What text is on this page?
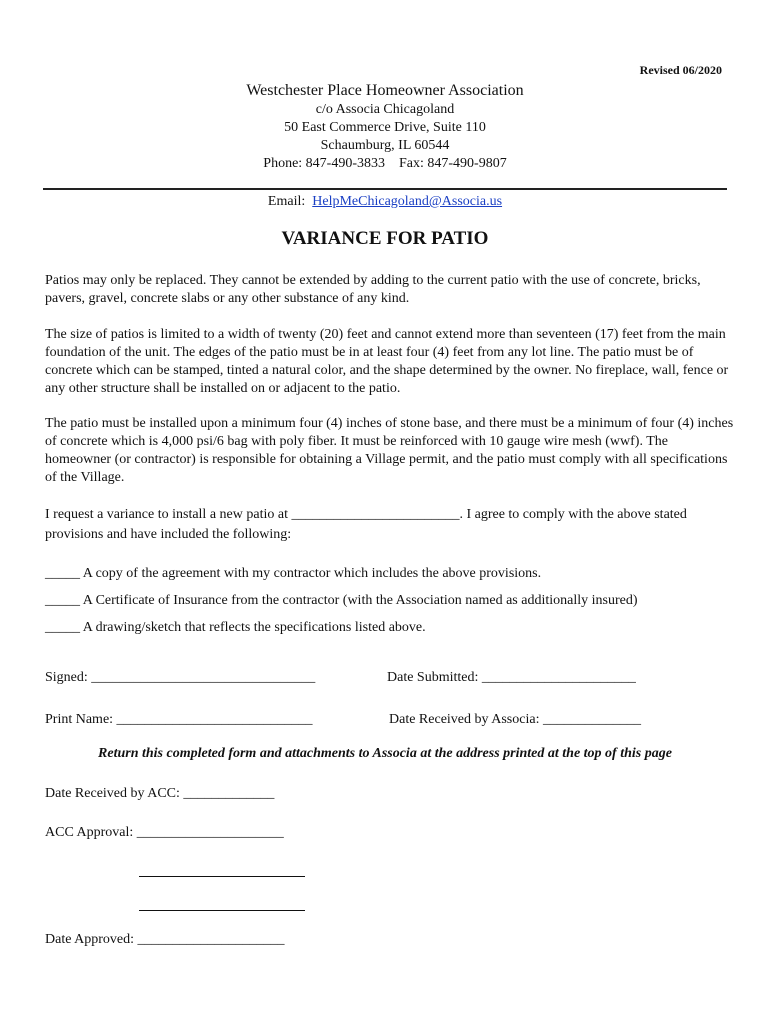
Revised 06/2020
Westchester Place Homeowner Association
c/o Associa Chicagoland
50 East Commerce Drive, Suite 110
Schaumburg, IL 60544
Phone: 847-490-3833    Fax: 847-490-9807
Email: HelpMeChicagoland@Associa.us
VARIANCE FOR PATIO
Patios may only be replaced. They cannot be extended by adding to the current patio with the use of concrete, bricks, pavers, gravel, concrete slabs or any other substance of any kind.
The size of patios is limited to a width of twenty (20) feet and cannot extend more than seventeen (17) feet from the main foundation of the unit. The edges of the patio must be in at least four (4) feet from any lot line. The patio must be of concrete which can be stamped, tinted a natural color, and the shape determined by the owner. No fireplace, wall, fence or any other structure shall be installed on or adjacent to the patio.
The patio must be installed upon a minimum four (4) inches of stone base, and there must be a minimum of four (4) inches of concrete which is 4,000 psi/6 bag with poly fiber. It must be reinforced with 10 gauge wire mesh (wwf). The homeowner (or contractor) is responsible for obtaining a Village permit, and the patio must comply with all specifications of the Village.
I request a variance to install a new patio at ________________________. I agree to comply with the above stated provisions and have included the following:
_____ A copy of the agreement with my contractor which includes the above provisions.
_____ A Certificate of Insurance from the contractor (with the Association named as additionally insured)
_____ A drawing/sketch that reflects the specifications listed above.
Signed: ________________________________	Date Submitted: ______________________
Print Name: ____________________________	Date Received by Associa: ______________
Return this completed form and attachments to Associa at the address printed at the top of this page
Date Received by ACC: _____________
ACC Approval: _____________________
Date Approved: _____________________
